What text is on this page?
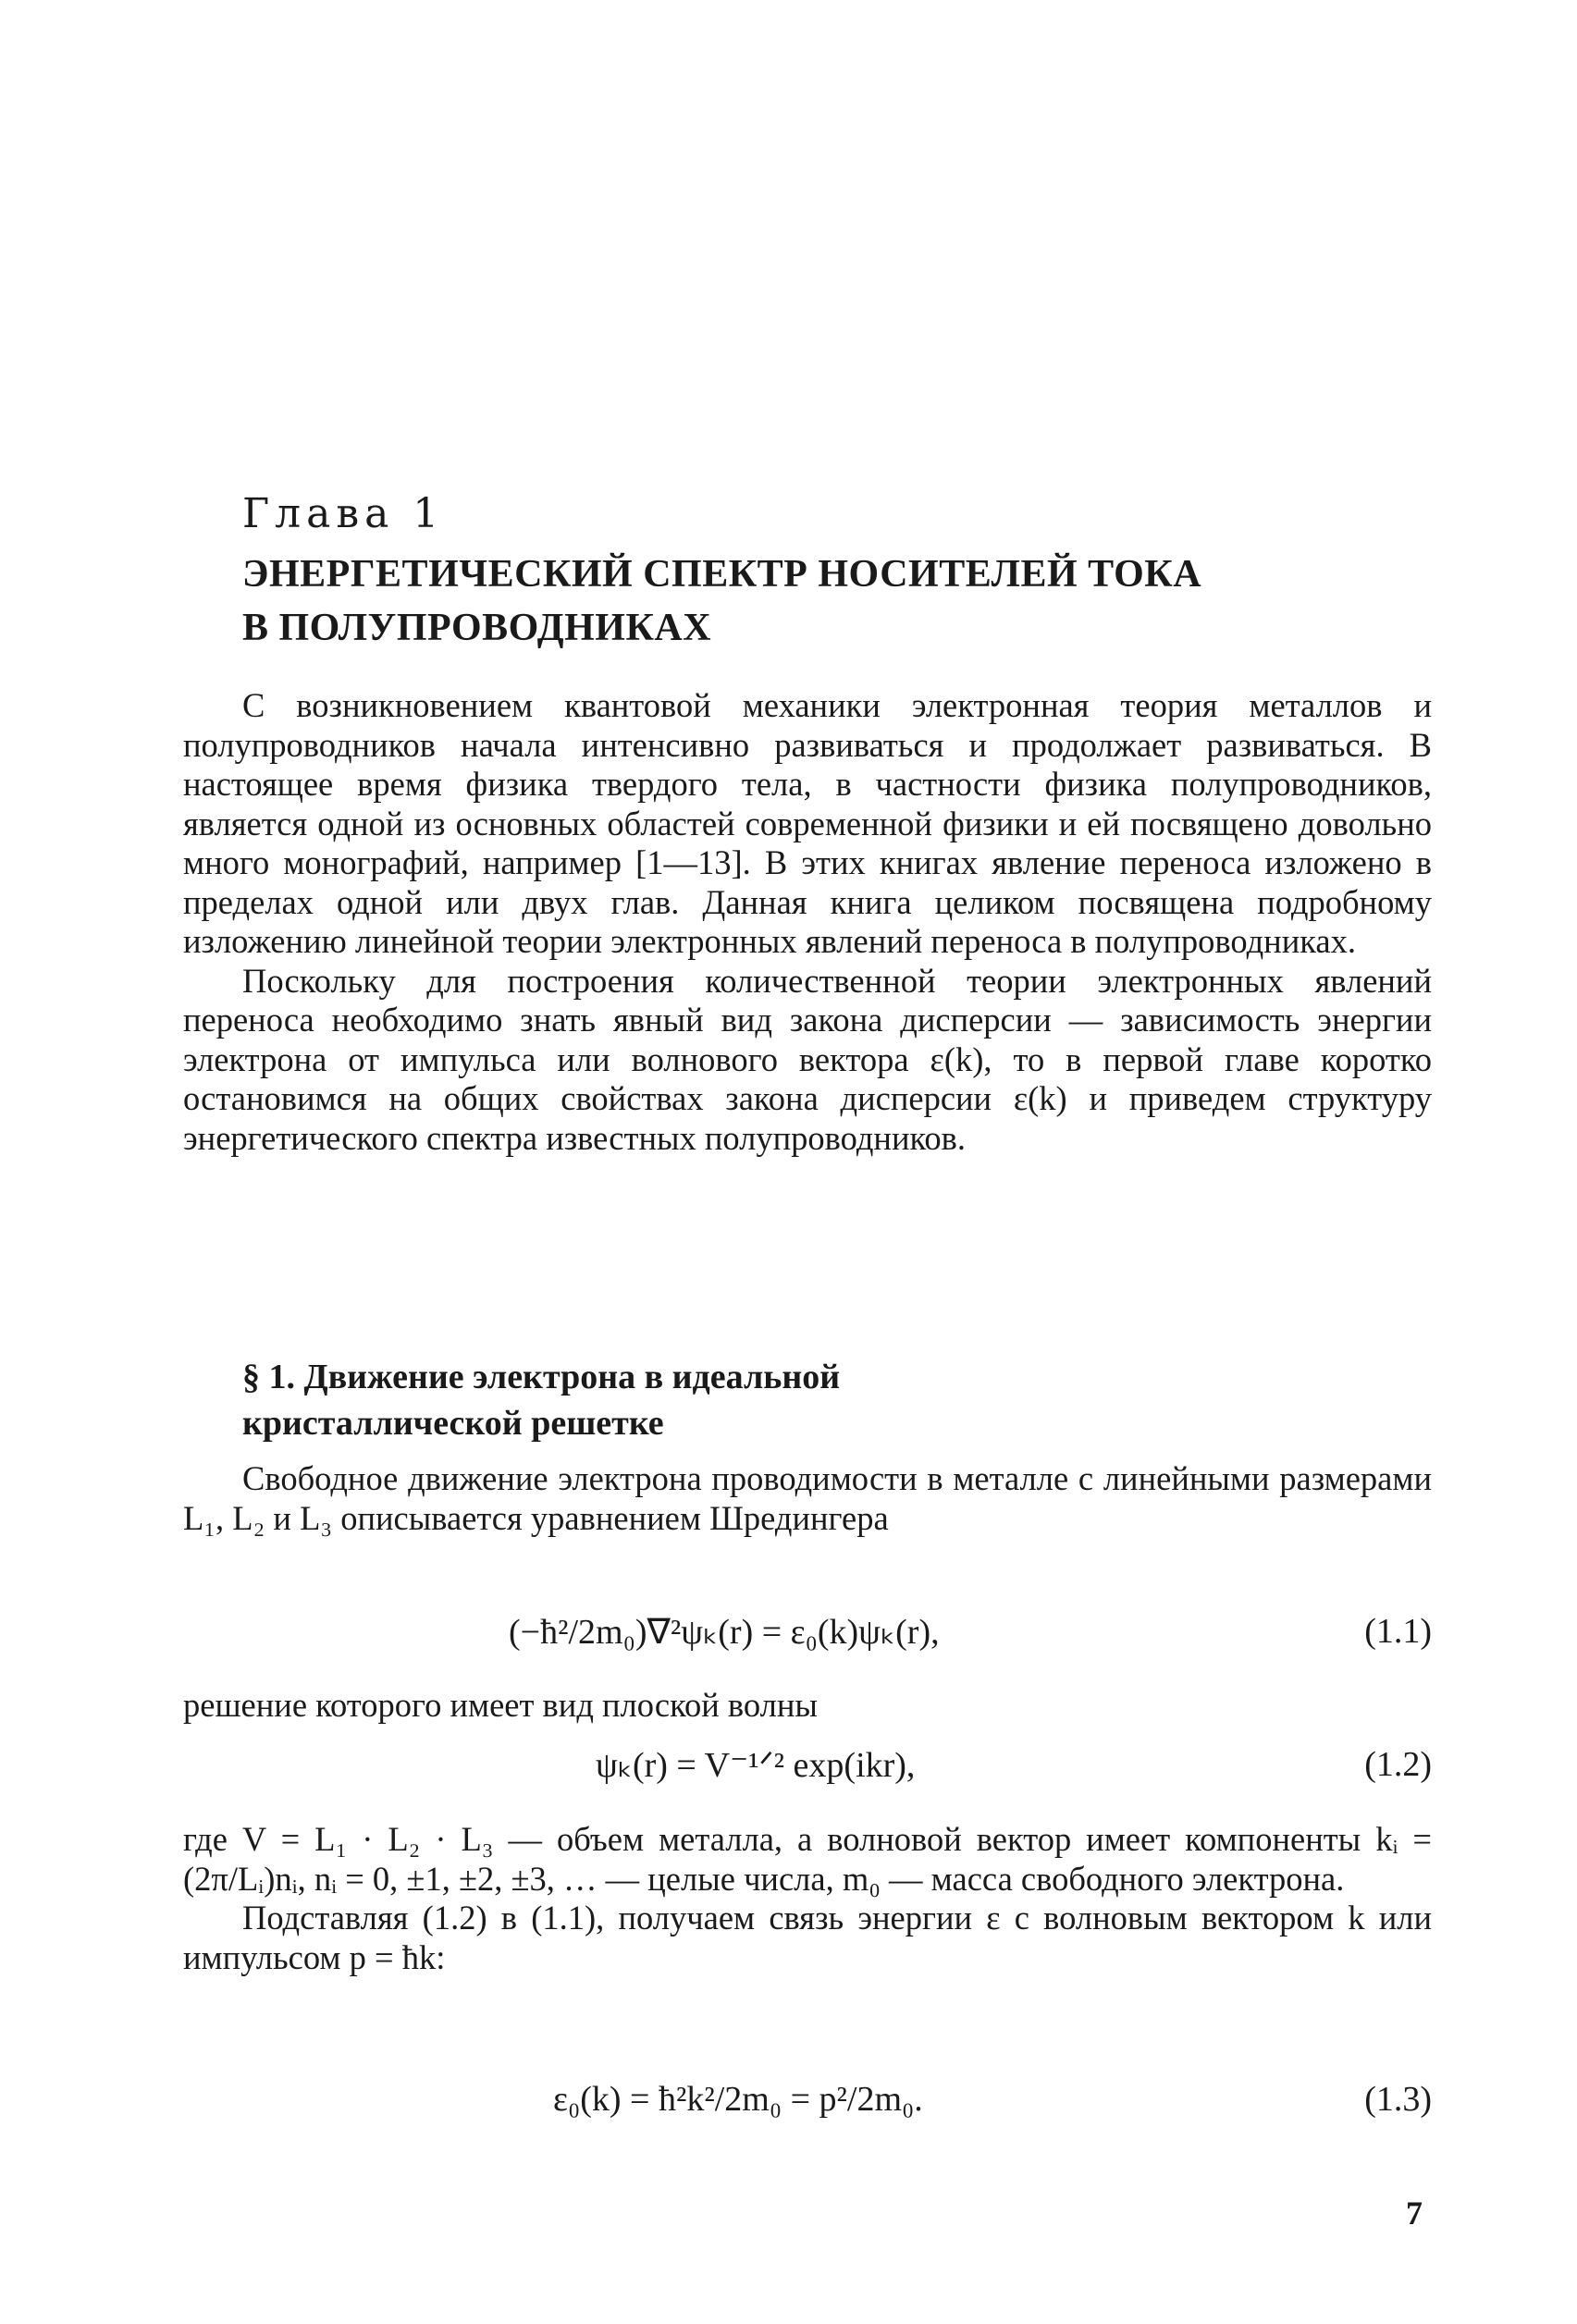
Глава 1
ЭНЕРГЕТИЧЕСКИЙ СПЕКТР НОСИТЕЛЕЙ ТОКА
В ПОЛУПРОВОДНИКАХ

С возникновением квантовой механики электронная теория металлов и полупроводников начала интенсивно развиваться и продолжает развиваться. В настоящее время физика твердого тела, в частности физика полупроводников, является одной из основных областей современной физики и ей посвящено довольно много монографий, например [1—13]. В этих книгах явление переноса изложено в пределах одной или двух глав. Данная книга целиком посвящена подробному изложению линейной теории электронных явлений переноса в полупроводниках.

Поскольку для построения количественной теории электронных явлений переноса необходимо знать явный вид закона дисперсии — зависимость энергии электрона от импульса или волнового вектора ε(k), то в первой главе коротко остановимся на общих свойствах закона дисперсии ε(k) и приведем структуру энергетического спектра известных полупроводников.

§ 1. Движение электрона в идеальной
кристаллической решетке

Свободное движение электрона проводимости в металле с линейными размерами L₁, L₂ и L₃ описывается уравнением Шредингера

(−ħ²/2m₀)∇²ψₖ(r) = ε₀(k)ψₖ(r),	(1.1)

решение которого имеет вид плоской волны

ψₖ(r) = V⁻¹ᐟ² exp(ikr),	(1.2)

где V = L₁ · L₂ · L₃ — объем металла, а волновой вектор имеет компоненты kᵢ = (2π/Lᵢ)nᵢ, nᵢ = 0, ±1, ±2, ±3, … — целые числа, m₀ — масса свободного электрона.

Подставляя (1.2) в (1.1), получаем связь энергии ε с волновым вектором k или импульсом p = ħk:

ε₀(k) = ħ²k²/2m₀ = p²/2m₀.	(1.3)
7
